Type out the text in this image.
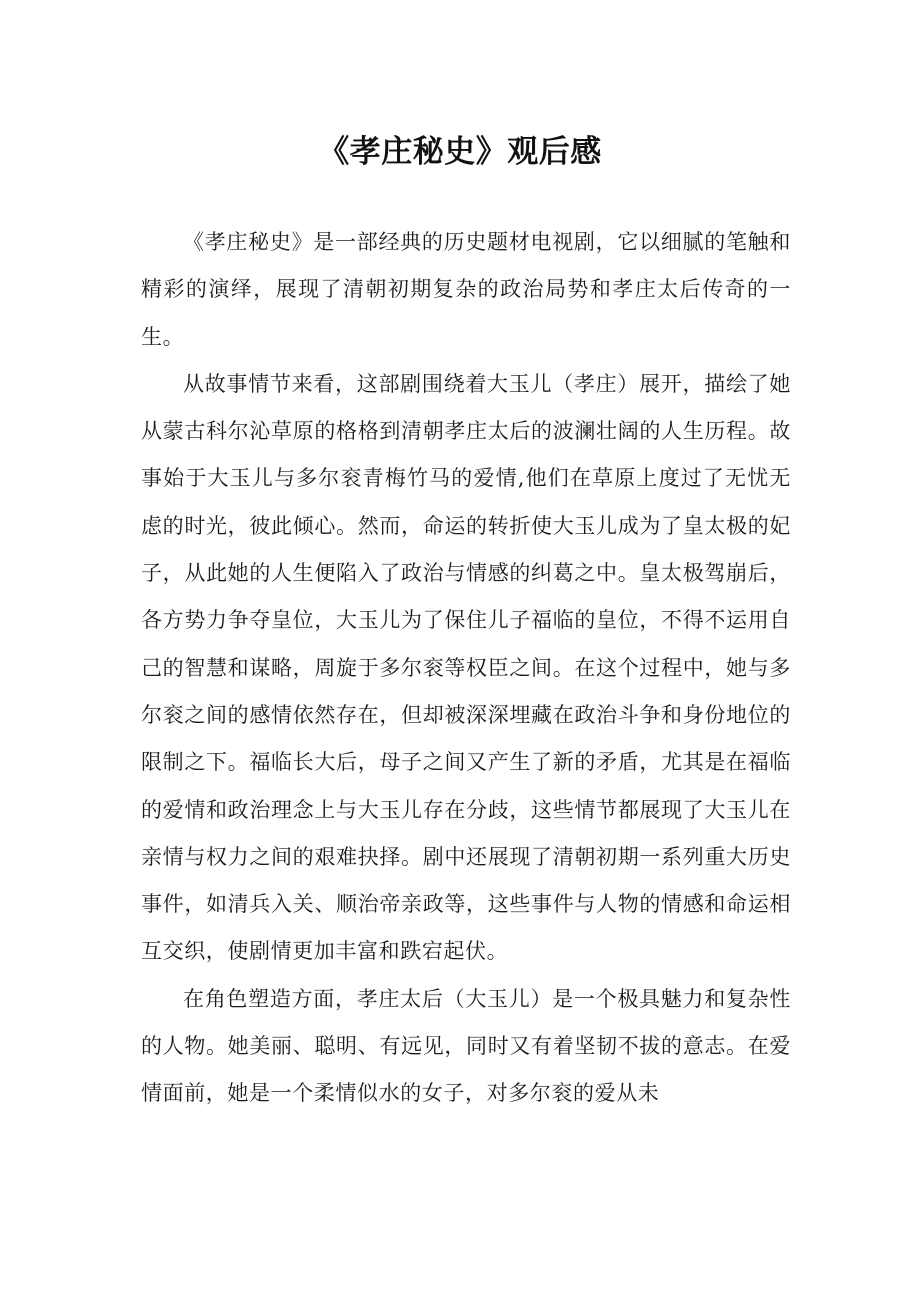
《孝庄秘史》观后感

《孝庄秘史》是一部经典的历史题材电视剧，它以细腻的笔触和精彩的演绎，展现了清朝初期复杂的政治局势和孝庄太后传奇的一生。

从故事情节来看，这部剧围绕着大玉儿（孝庄）展开，描绘了她从蒙古科尔沁草原的格格到清朝孝庄太后的波澜壮阔的人生历程。故事始于大玉儿与多尔衮青梅竹马的爱情,他们在草原上度过了无忧无虑的时光，彼此倾心。然而，命运的转折使大玉儿成为了皇太极的妃子，从此她的人生便陷入了政治与情感的纠葛之中。皇太极驾崩后，各方势力争夺皇位，大玉儿为了保住儿子福临的皇位，不得不运用自己的智慧和谋略，周旋于多尔衮等权臣之间。在这个过程中，她与多尔衮之间的感情依然存在，但却被深深埋藏在政治斗争和身份地位的限制之下。福临长大后，母子之间又产生了新的矛盾，尤其是在福临的爱情和政治理念上与大玉儿存在分歧，这些情节都展现了大玉儿在亲情与权力之间的艰难抉择。剧中还展现了清朝初期一系列重大历史事件，如清兵入关、顺治帝亲政等，这些事件与人物的情感和命运相互交织，使剧情更加丰富和跌宕起伏。

在角色塑造方面，孝庄太后（大玉儿）是一个极具魅力和复杂性的人物。她美丽、聪明、有远见，同时又有着坚韧不拔的意志。在爱情面前，她是一个柔情似水的女子，对多尔衮的爱从未
